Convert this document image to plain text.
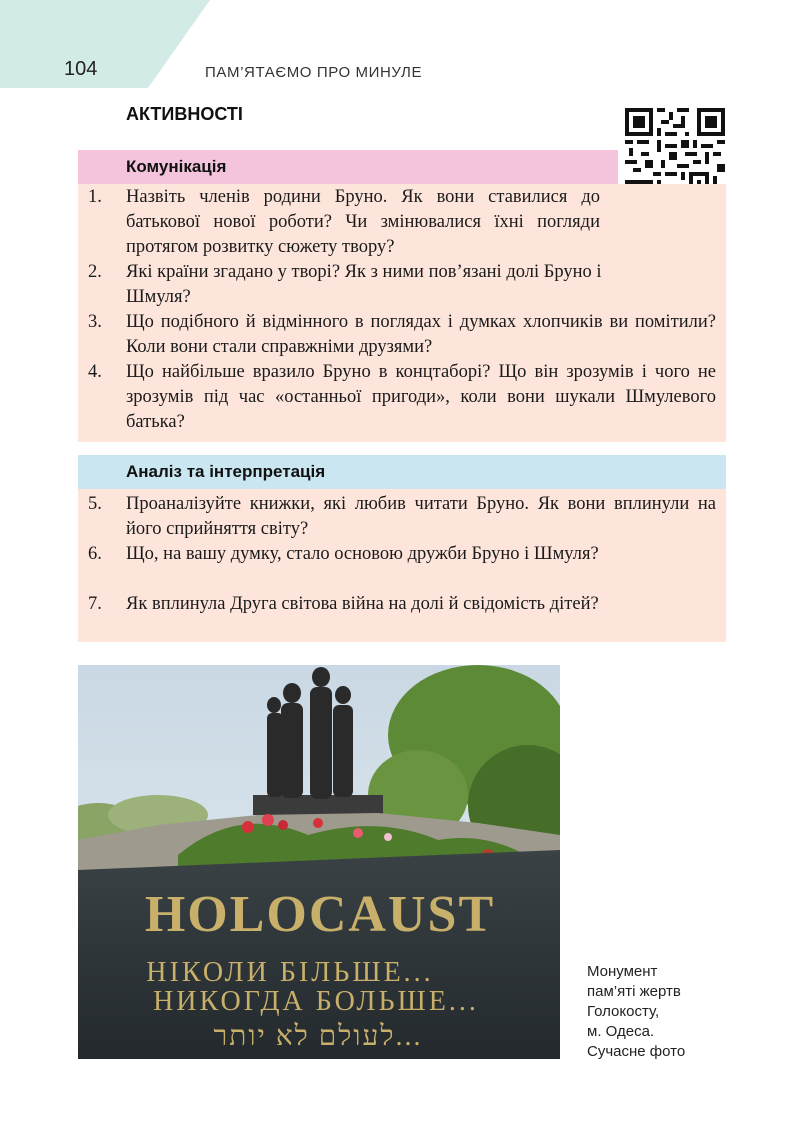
104	ПАМ’ЯТАЄМО ПРО МИНУЛЕ
АКТИВНОСТІ
Комунікація
1. Назвіть членів родини Бруно. Як вони ставилися до батькової нової роботи? Чи змінювалися їхні погляди протягом розвитку сюжету твору?
2. Які країни згадано у творі? Як з ними пов’язані долі Бруно і Шмуля?
3. Що подібного й відмінного в поглядах і думках хлопчиків ви помітили? Коли вони стали справжніми друзями?
4. Що найбільше вразило Бруно в концтаборі? Що він зрозумів і чого не зрозумів під час «останньої пригоди», коли вони шукали Шмулевого батька?
Аналіз та інтерпретація
5. Проаналізуйте книжки, які любив читати Бруно. Як вони вплинули на його сприйняття світу?
6. Що, на вашу думку, стало основою дружби Бруно і Шмуля?
7. Як вплинула Друга світова війна на долі й свідомість дітей?
HOLOCAUST
НІКОЛИ БІЛЬШЕ...
НИКОГДА БОЛЬШЕ...
לעולם לא יותר...
Монумент
пам’яті жертв
Голокосту,
м. Одеса.
Сучасне фото
